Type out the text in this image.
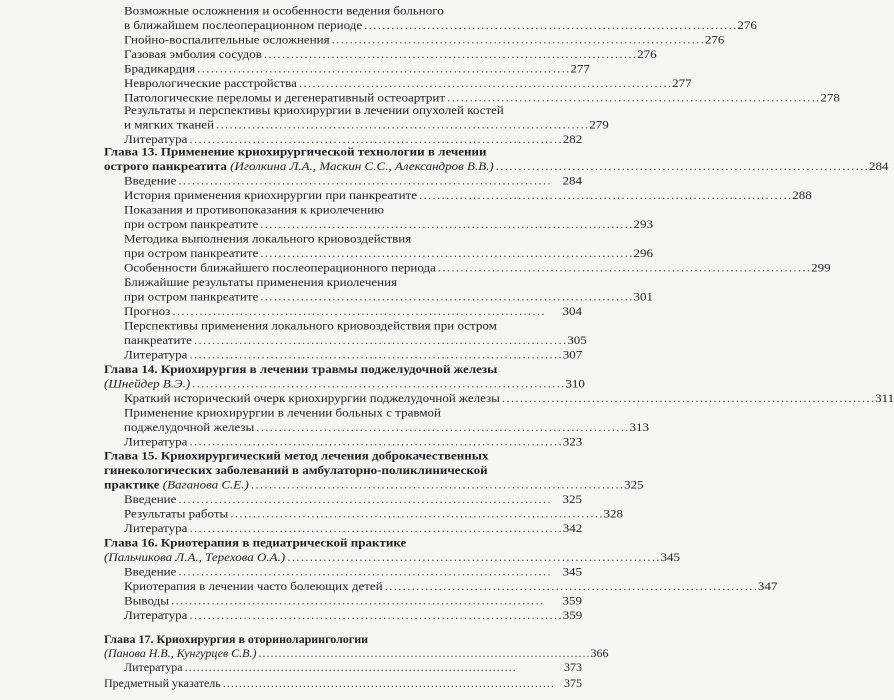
Возможные осложнения и особенности ведения больного
в ближайшем послеоперационном периоде . . .	276
Гнойно-воспалительные осложнения . . .	276
Газовая эмболия сосудов . . .	276
Брадикардия . . .	277
Неврологические расстройства . . .	277
Патологические переломы и дегенеративный остеоартрит . . .	278
Результаты и перспективы криохирургии в лечении опухолей костей
и мягких тканей . . .	279
Литература . . .	282
Глава 13. Применение криохирургической технологии в лечении
острого панкреатита (Иголкина Л.А., Маскин С.С., Александров В.В.) . . .	284
Введение . . .	284
История применения криохирургии при панкреатите . . .	288
Показания и противопоказания к криолечению
при остром панкреатите . . .	293
Методика выполнения локального криовоздействия
при остром панкреатите . . .	296
Особенности ближайшего послеоперационного периода . . .	299
Ближайшие результаты применения криолечения
при остром панкреатите . . .	301
Прогноз . . .	304
Перспективы применения локального криовоздействия при остром
панкреатите . . .	305
Литература . . .	307
Глава 14. Криохирургия в лечении травмы поджелудочной железы
(Шнейдер В.Э.) . . .	310
Краткий исторический очерк криохирургии поджелудочной железы . . .	311
Применение криохирургии в лечении больных с травмой
поджелудочной железы . . .	313
Литература . . .	323
Глава 15. Криохирургический метод лечения доброкачественных
гинекологических заболеваний в амбулаторно-поликлинической
практике (Ваганова С.Е.) . . .	325
Введение . . .	325
Результаты работы . . .	328
Литература . . .	342
Глава 16. Криотерапия в педиатрической практике
(Пальчикова Л.А., Терехова О.А.) . . .	345
Введение . . .	345
Криотерапия в лечении часто болеющих детей . . .	347
Выводы . . .	359
Литература . . .	359
Глава 17. Криохирургия в оториноларингологии
(Панова Н.В., Кунгурцев С.В.) . . .	366
Литература . . .	373
Предметный указатель . . .	375
